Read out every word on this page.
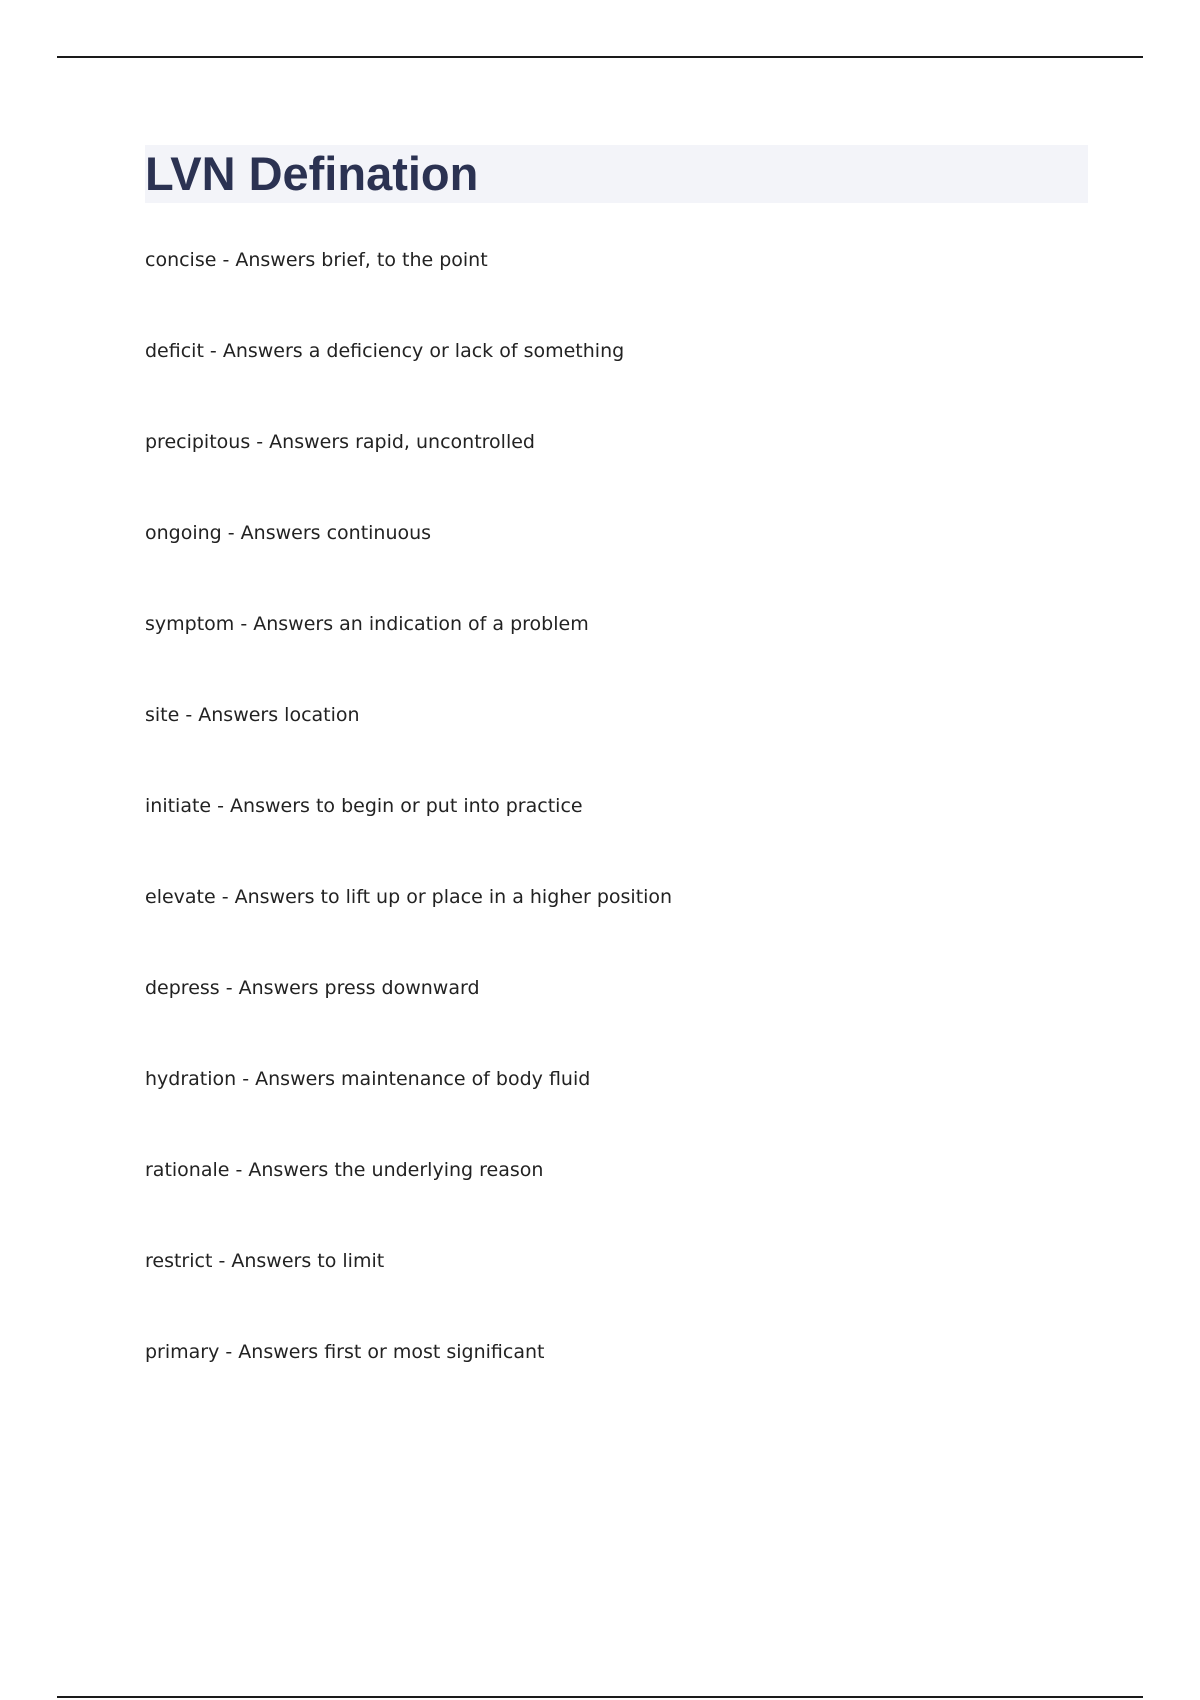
LVN Defination
concise - Answers brief, to the point
deficit - Answers a deficiency or lack of something
precipitous - Answers rapid, uncontrolled
ongoing - Answers continuous
symptom - Answers an indication of a problem
site - Answers location
initiate - Answers to begin or put into practice
elevate - Answers to lift up or place in a higher position
depress - Answers press downward
hydration - Answers maintenance of body fluid
rationale - Answers the underlying reason
restrict - Answers to limit
primary - Answers first or most significant
